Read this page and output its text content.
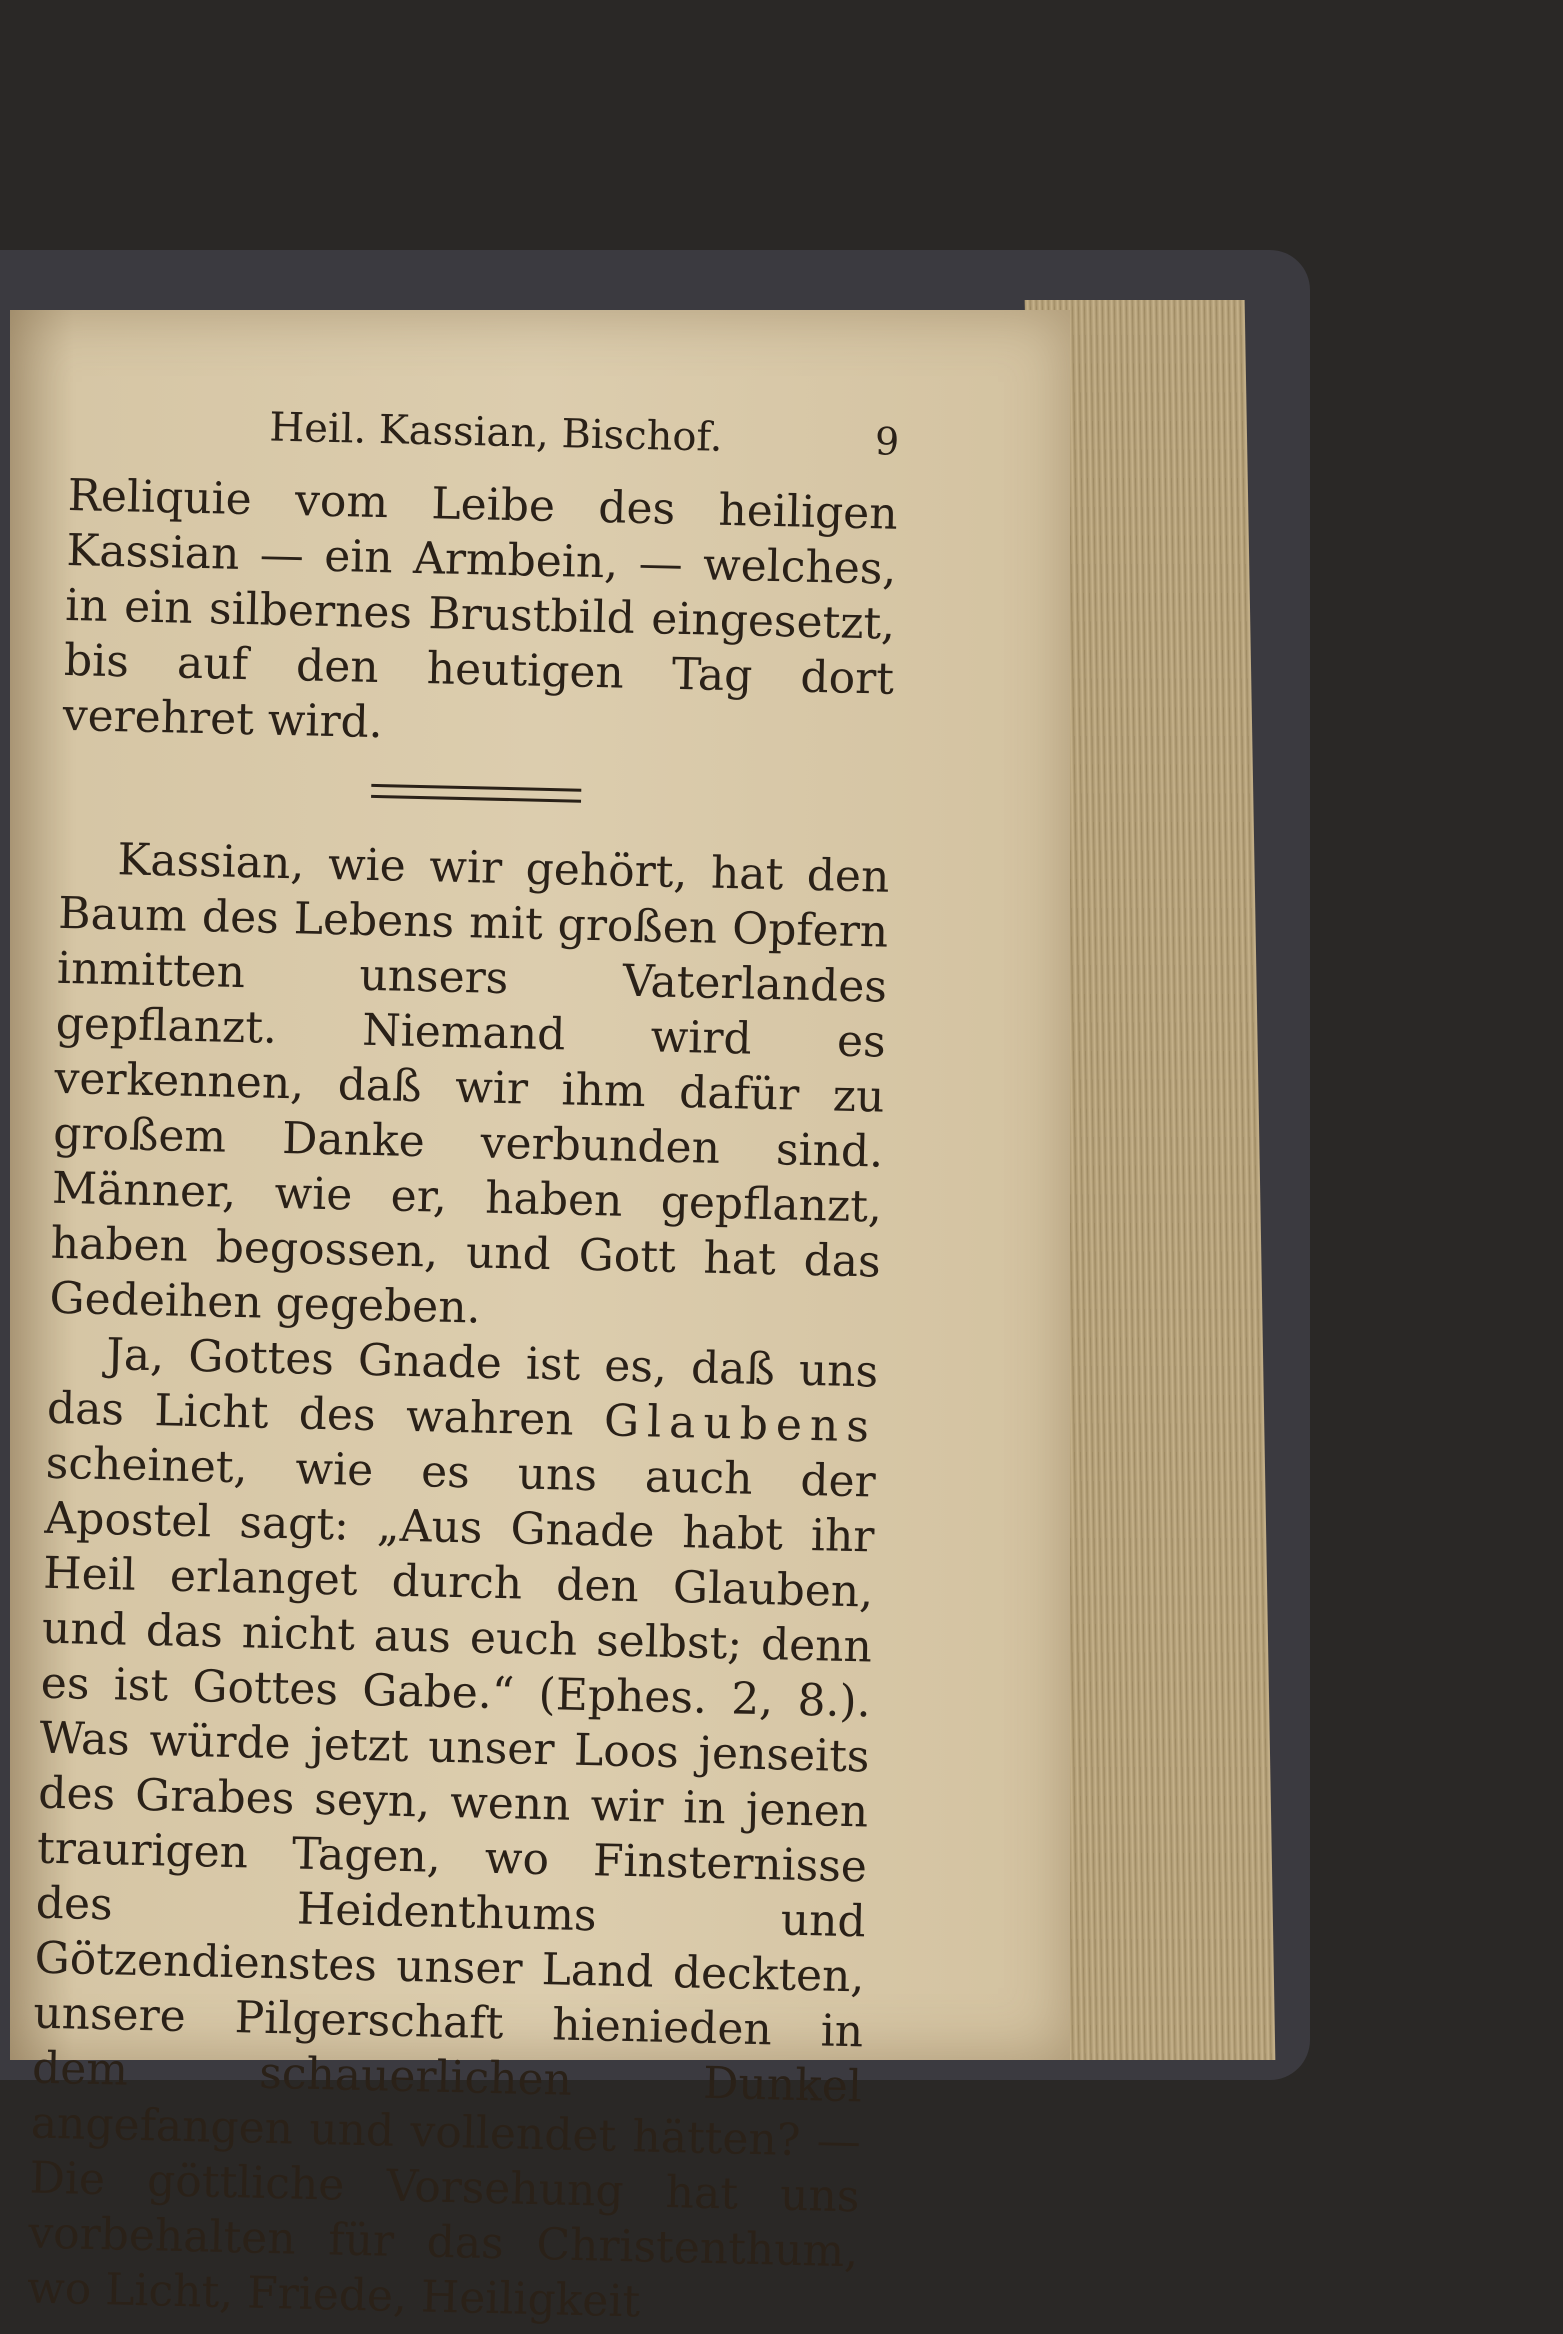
Heil. Kassian, Bischof.	9

Reliquie vom Leibe des heiligen Kassian — ein Armbein, — welches, in ein silbernes Brustbild eingesetzt, bis auf den heutigen Tag dort verehret wird.

Kassian, wie wir gehört, hat den Baum des Lebens mit großen Opfern inmitten unsers Vaterlandes gepflanzt. Niemand wird es verkennen, daß wir ihm dafür zu großem Danke verbunden sind. Männer, wie er, haben gepflanzt, haben begossen, und Gott hat das Gedeihen gegeben.

Ja, Gottes Gnade ist es, daß uns das Licht des wahren Glaubens scheinet, wie es uns auch der Apostel sagt: „Aus Gnade habt ihr Heil erlanget durch den Glauben, und das nicht aus euch selbst; denn es ist Gottes Gabe.“ (Ephes. 2, 8.). Was würde jetzt unser Loos jenseits des Grabes seyn, wenn wir in jenen traurigen Tagen, wo Finsternisse des Heidenthums und Götzendienstes unser Land deckten, unsere Pilgerschaft hienieden in dem schauerlichen Dunkel angefangen und vollendet hätten? — Die göttliche Vorsehung hat uns vorbehalten für das Christenthum, wo Licht, Friede, Heiligkeit
